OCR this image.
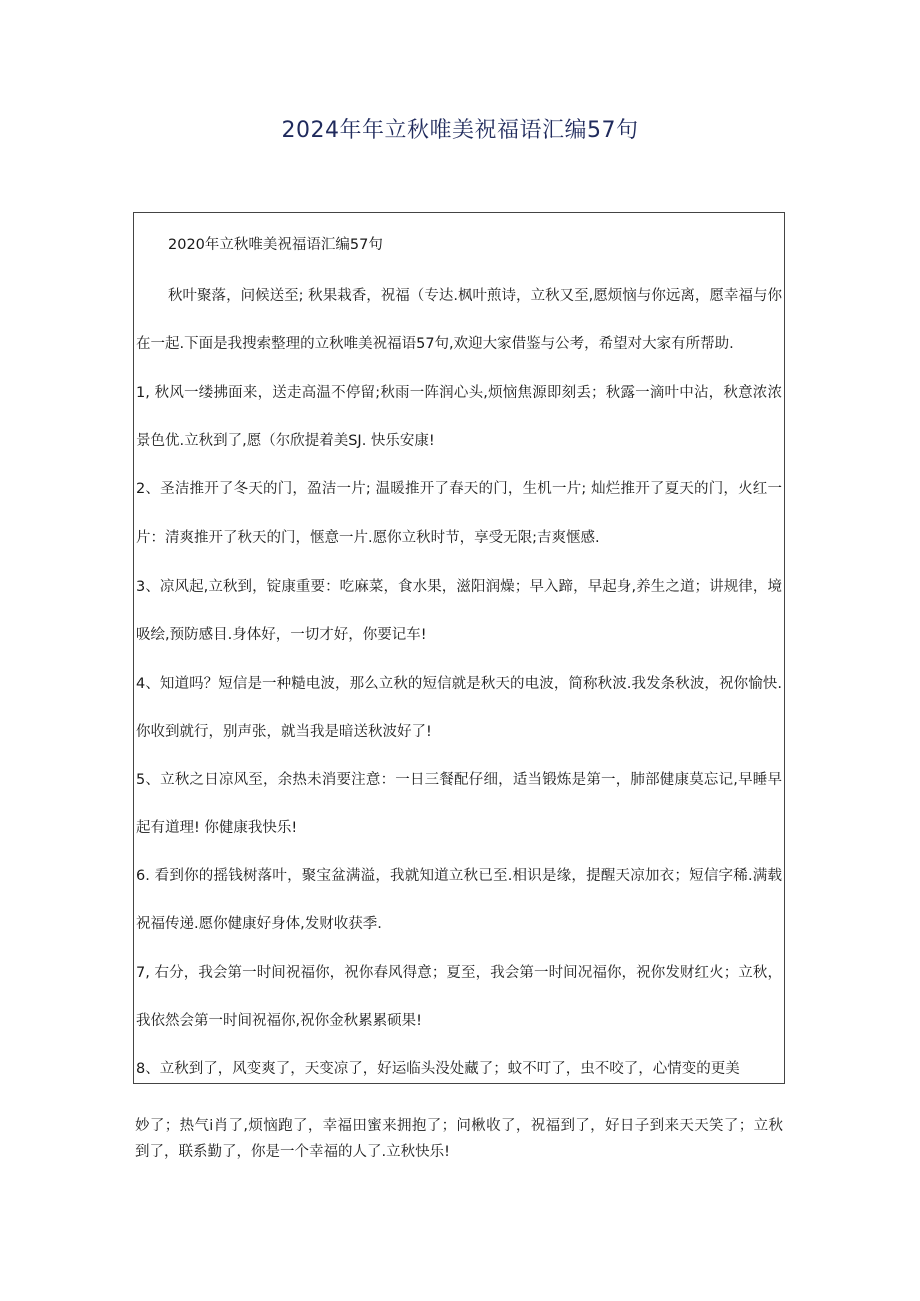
2024年年立秋唯美祝福语汇编57句
2020年立秋唯美祝福语汇编57句
秋叶聚落，问候送至; 秋果栽香，祝福（专达.枫叶煎诗，立秋又至,愿烦恼与你远离，愿幸福与你
在一起.下面是我搜索整理的立秋唯美祝福语57句,欢迎大家借鉴与公考，希望对大家有所帮助.
1, 秋风一缕拂面来，送走高温不停留;秋雨一阵润心头,烦恼焦源即刻丢；秋露一滴叶中沾，秋意浓浓
景色优.立秋到了,愿（尔欣提着美SJ. 快乐安康!
2、圣洁推开了冬天的门，盈洁一片; 温暖推开了春天的门，生机一片; 灿烂推开了夏天的门，火红一
片：清爽推开了秋天的门，惬意一片.愿你立秋时节，享受无限;吉爽惬感.
3、凉风起,立秋到，锭康重要：吃麻菜，食水果，滋阳润燥；早入蹄，早起身,养生之道；讲规律，境
吸绘,预防感目.身体好，一切才好，你要记车!
4、知道吗？短信是一种糙电波，那么立秋的短信就是秋天的电波，简称秋波.我发条秋波，祝你愉快.
你收到就行，别声张，就当我是暗送秋波好了!
5、立秋之日凉风至，余热未消要注意：一日三餐配仔细，适当锻炼是第一，肺部健康莫忘记,早睡早
起有道理! 你健康我快乐!
6. 看到你的摇钱树落叶，聚宝盆满溢，我就知道立秋已至.相识是缘，提醒天凉加衣；短信字稀.满载
祝福传递.愿你健康好身体,发财收获季.
7, 右分，我会第一时间祝福你，祝你春风得意；夏至，我会第一时间况福你，祝你发财红火；立秋，
我依然会第一时间祝福你,祝你金秋累累硕果!
8、立秋到了，风变爽了，天变凉了，好运临头没处藏了；蚊不叮了，虫不咬了，心情变的更美
妙了；热气ⅰ肖了,烦恼跑了，幸福田蜜来拥抱了；问楸收了，祝福到了，好日子到来天天笑了；立秋
到了，联系勤了，你是一个幸福的人了.立秋快乐!
